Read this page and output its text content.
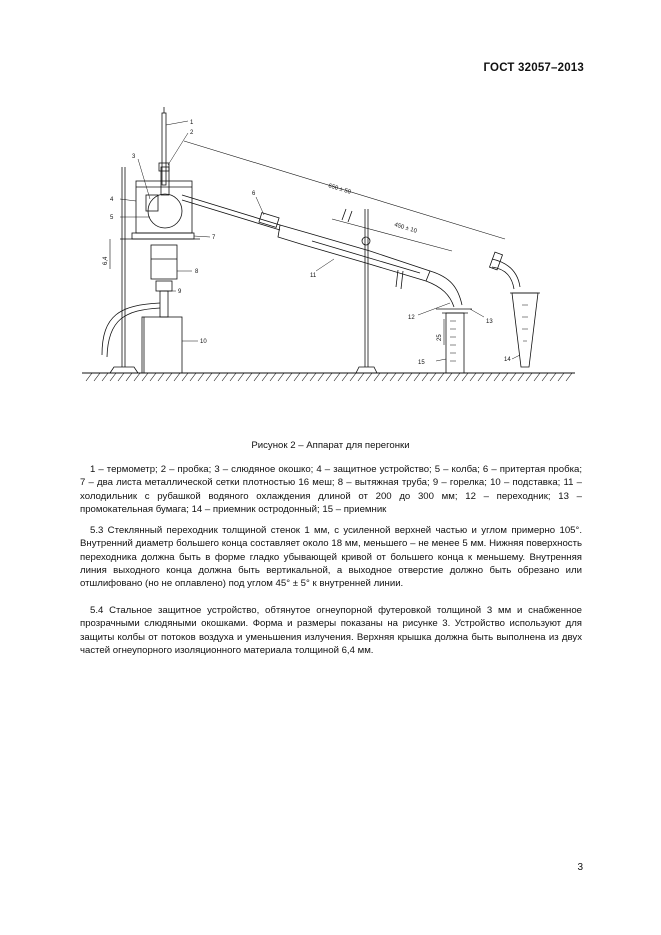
ГОСТ 32057–2013
1
2
3
4
5
6
7
8
9
10
11
12
13
14
15
650 ± 50
450 ± 10
6,4
25
Рисунок 2 – Аппарат для перегонки

1 – термометр; 2 – пробка; 3 – слюдяное окошко; 4 – защитное устройство; 5 – колба; 6 – притертая пробка; 7 – два листа металлической сетки плотностью 16 меш; 8 – вытяжная труба; 9 – горелка; 10 – подставка; 11 – холодильник с рубашкой водяного охлаждения длиной от 200 до 300 мм; 12 – переходник; 13 – промокательная бумага; 14 – приемник остродонный; 15 – приемник

5.3 Стеклянный переходник толщиной стенок 1 мм, с усиленной верхней частью и углом примерно 105°. Внутренний диаметр большего конца составляет около 18 мм, меньшего – не менее 5 мм. Нижняя поверхность переходника должна быть в форме гладко убывающей кривой от большего конца к меньшему. Внутренняя линия выходного конца должна быть вертикальной, а выходное отверстие должно быть обрезано или отшлифовано (но не оплавлено) под углом 45° ± 5° к внутренней линии.

5.4 Стальное защитное устройство, обтянутое огнеупорной футеровкой толщиной 3 мм и снабженное прозрачными слюдяными окошками. Форма и размеры показаны на рисунке 3. Устройство используют для защиты колбы от потоков воздуха и уменьшения излучения. Верхняя крышка должна быть выполнена из двух частей огнеупорного изоляционного материала толщиной 6,4 мм.

3
